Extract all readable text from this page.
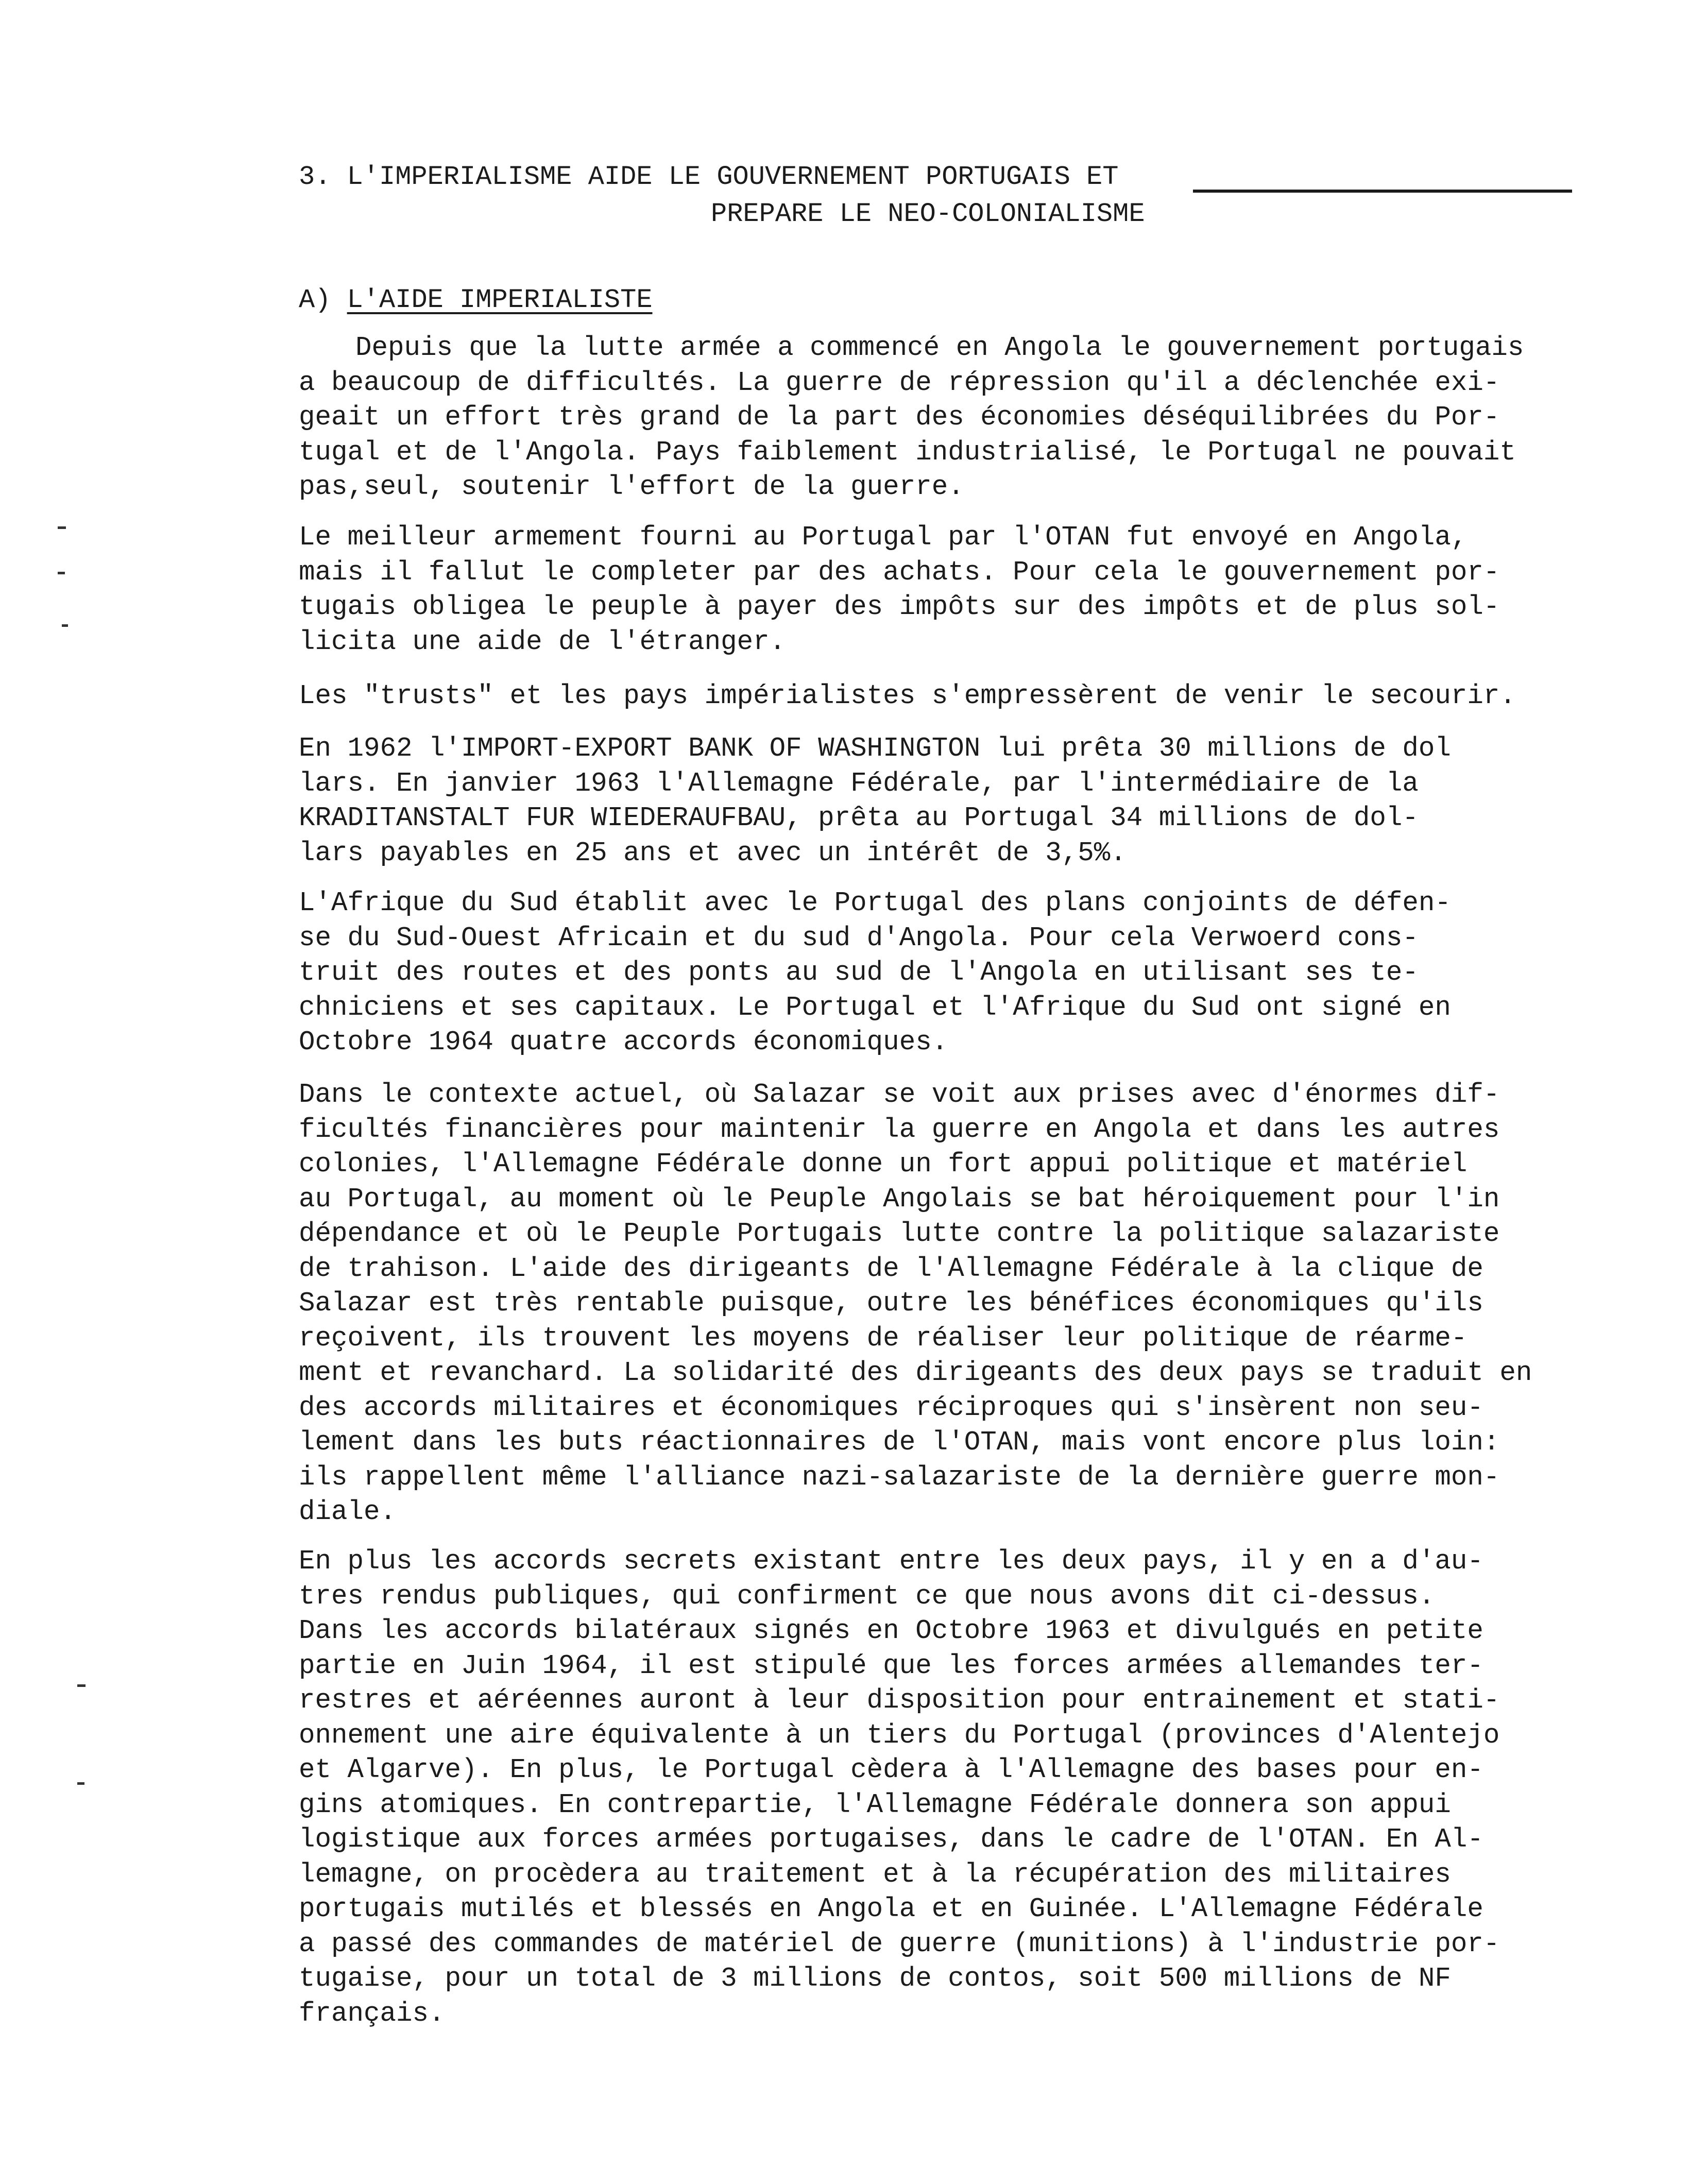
3. L'IMPERIALISME AIDE LE GOUVERNEMENT PORTUGAIS ET
PREPARE LE NEO-COLONIALISME
A) L'AIDE IMPERIALISTE
Depuis que la lutte armée a commencé en Angola le gouvernement portugais
a beaucoup de difficultés. La guerre de répression qu'il a déclenchée exi-
geait un effort très grand de la part des économies déséquilibrées du Por-
tugal et de l'Angola. Pays faiblement industrialisé, le Portugal ne pouvait
pas,seul, soutenir l'effort de la guerre.
Le meilleur armement fourni au Portugal par l'OTAN fut envoyé en Angola,
mais il fallut le completer par des achats. Pour cela le gouvernement por-
tugais obligea le peuple à payer des impôts sur des impôts et de plus sol-
licita une aide de l'étranger.
Les "trusts" et les pays impérialistes s'empressèrent de venir le secourir.
En 1962 l'IMPORT-EXPORT BANK OF WASHINGTON lui prêta 30 millions de dol
lars. En janvier 1963 l'Allemagne Fédérale, par l'intermédiaire de la
KRADITANSTALT FUR WIEDERAUFBAU, prêta au Portugal 34 millions de dol-
lars payables en 25 ans et avec un intérêt de 3,5%.
L'Afrique du Sud établit avec le Portugal des plans conjoints de défen-
se du Sud-Ouest Africain et du sud d'Angola. Pour cela Verwoerd cons-
truit des routes et des ponts au sud de l'Angola en utilisant ses te-
chniciens et ses capitaux. Le Portugal et l'Afrique du Sud ont signé en
Octobre 1964 quatre accords économiques.
Dans le contexte actuel, où Salazar se voit aux prises avec d'énormes dif-
ficultés financières pour maintenir la guerre en Angola et dans les autres
colonies, l'Allemagne Fédérale donne un fort appui politique et matériel
au Portugal, au moment où le Peuple Angolais se bat héroiquement pour l'in
dépendance et où le Peuple Portugais lutte contre la politique salazariste
de trahison. L'aide des dirigeants de l'Allemagne Fédérale à la clique de
Salazar est très rentable puisque, outre les bénéfices économiques qu'ils
reçoivent, ils trouvent les moyens de réaliser leur politique de réarme-
ment et revanchard. La solidarité des dirigeants des deux pays se traduit en
des accords militaires et économiques réciproques qui s'insèrent non seu-
lement dans les buts réactionnaires de l'OTAN, mais vont encore plus loin:
ils rappellent même l'alliance nazi-salazariste de la dernière guerre mon-
diale.
En plus les accords secrets existant entre les deux pays, il y en a d'au-
tres rendus publiques, qui confirment ce que nous avons dit ci-dessus.
Dans les accords bilatéraux signés en Octobre 1963 et divulgués en petite
partie en Juin 1964, il est stipulé que les forces armées allemandes ter-
restres et aéréennes auront à leur disposition pour entrainement et stati-
onnement une aire équivalente à un tiers du Portugal (provinces d'Alentejo
et Algarve). En plus, le Portugal cèdera à l'Allemagne des bases pour en-
gins atomiques. En contrepartie, l'Allemagne Fédérale donnera son appui
logistique aux forces armées portugaises, dans le cadre de l'OTAN. En Al-
lemagne, on procèdera au traitement et à la récupération des militaires
portugais mutilés et blessés en Angola et en Guinée. L'Allemagne Fédérale
a passé des commandes de matériel de guerre (munitions) à l'industrie por-
tugaise, pour un total de 3 millions de contos, soit 500 millions de NF
français.
